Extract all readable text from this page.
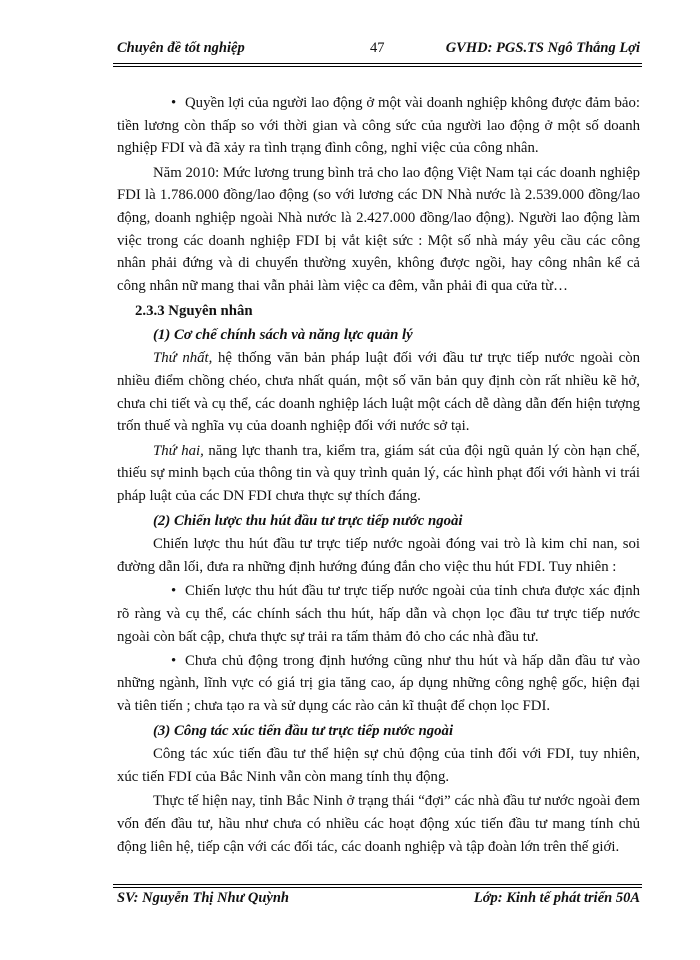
Chuyên đề tốt nghiệp	47	GVHD: PGS.TS Ngô Thắng Lợi

• Quyền lợi của người lao động ở một vài doanh nghiệp không được đảm bảo: tiền lương còn thấp so với thời gian và công sức của người lao động ở một số doanh nghiệp FDI và đã xảy ra tình trạng đình công, nghỉ việc của công nhân.

Năm 2010: Mức lương trung bình trả cho lao động Việt Nam tại các doanh nghiệp FDI là 1.786.000 đồng/lao động (so với lương các DN Nhà nước là 2.539.000 đồng/lao động, doanh nghiệp ngoài Nhà nước là 2.427.000 đồng/lao động). Người lao động làm việc trong các doanh nghiệp FDI bị vắt kiệt sức : Một số nhà máy yêu cầu các công nhân phải đứng và di chuyển thường xuyên, không được ngồi, hay công nhân kể cả công nhân nữ mang thai vẫn phải làm việc ca đêm, vẫn phải đi qua cửa từ…

2.3.3 Nguyên nhân
(1) Cơ chế chính sách và năng lực quản lý

Thứ nhất, hệ thống văn bản pháp luật đối với đầu tư trực tiếp nước ngoài còn nhiều điểm chồng chéo, chưa nhất quán, một số văn bản quy định còn rất nhiều kẽ hở, chưa chi tiết và cụ thể, các doanh nghiệp lách luật một cách dễ dàng dẫn đến hiện tượng trốn thuế và nghĩa vụ của doanh nghiệp đối với nước sở tại.

Thứ hai, năng lực thanh tra, kiểm tra, giám sát của đội ngũ quản lý còn hạn chế, thiếu sự minh bạch của thông tin và quy trình quản lý, các hình phạt đối với hành vi trái pháp luật của các DN FDI chưa thực sự thích đáng.

(2) Chiến lược thu hút đầu tư trực tiếp nước ngoài

Chiến lược thu hút đầu tư trực tiếp nước ngoài đóng vai trò là kim chỉ nan, soi đường dẫn lối, đưa ra những định hướng đúng đắn cho việc thu hút FDI. Tuy nhiên :

• Chiến lược thu hút đầu tư trực tiếp nước ngoài của tỉnh chưa được xác định rõ ràng và cụ thể, các chính sách thu hút, hấp dẫn và chọn lọc đầu tư trực tiếp nước ngoài còn bất cập, chưa thực sự trải ra tấm thảm đỏ cho các nhà đầu tư.

• Chưa chủ động trong định hướng cũng như thu hút và hấp dẫn đầu tư vào những ngành, lĩnh vực có giá trị gia tăng cao, áp dụng những công nghệ gốc, hiện đại và tiên tiến ; chưa tạo ra và sử dụng các rào cản kĩ thuật để chọn lọc FDI.

(3) Công tác xúc tiến đầu tư trực tiếp nước ngoài

Công tác xúc tiến đầu tư thể hiện sự chủ động của tỉnh đối với FDI, tuy nhiên, xúc tiến FDI của Bắc Ninh vẫn còn mang tính thụ động.

Thực tế hiện nay, tỉnh Bắc Ninh ở trạng thái “đợi” các nhà đầu tư nước ngoài đem vốn đến đầu tư, hầu như chưa có nhiều các hoạt động xúc tiến đầu tư mang tính chủ động liên hệ, tiếp cận với các đối tác, các doanh nghiệp và tập đoàn lớn trên thế giới.

SV: Nguyễn Thị Như Quỳnh	Lớp: Kinh tế phát triển 50A
